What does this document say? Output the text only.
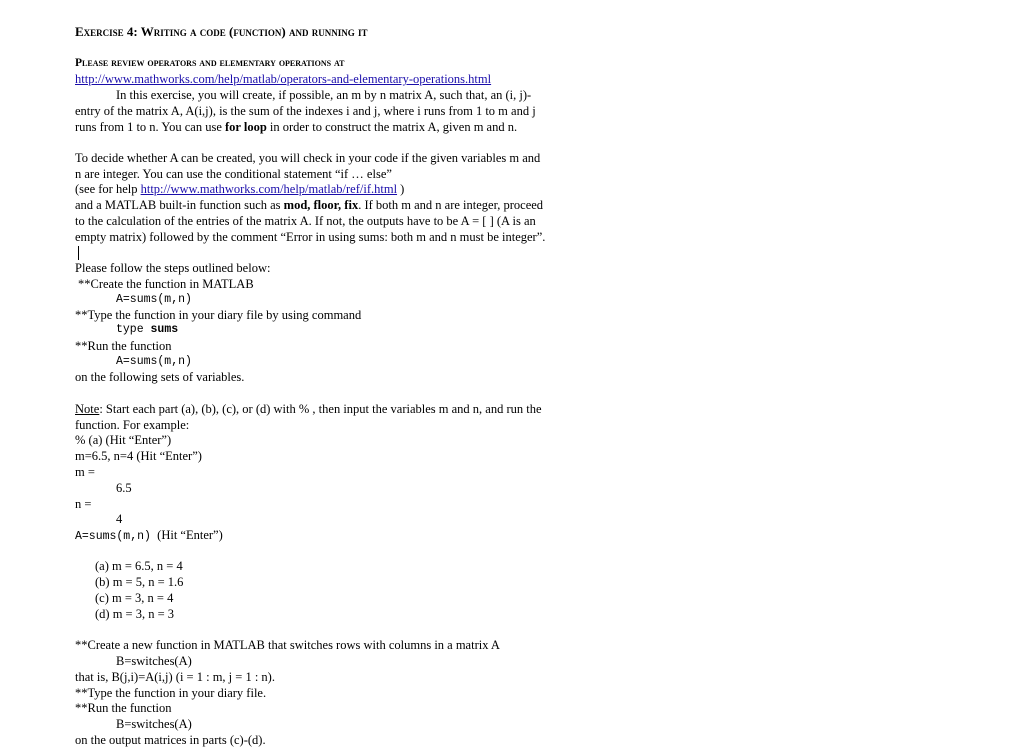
Exercise 4: Writing a code (function) and running it
Please review operators and elementary operations at
http://www.mathworks.com/help/matlab/operators-and-elementary-operations.html
In this exercise, you will create, if possible, an m by n matrix A, such that, an (i, j)-
entry of the matrix A, A(i,j), is the sum of the indexes i and j, where i runs from 1 to m and j
runs from 1 to n. You can use for loop in order to construct the matrix A, given m and n.
To decide whether A can be created, you will check in your code if the given variables m and
n are integer. You can use the conditional statement “if … else”
(see for help http://www.mathworks.com/help/matlab/ref/if.html )
and a MATLAB built-in function such as mod, floor, fix. If both m and n are integer, proceed
to the calculation of the entries of the matrix A. If not, the outputs have to be A = [ ] (A is an
empty matrix) followed by the comment “Error in using sums: both m and n must be integer”.
Please follow the steps outlined below:
**Create the function in MATLAB
A=sums(m,n)
**Type the function in your diary file by using command
type sums
**Run the function
A=sums(m,n)
on the following sets of variables.
Note: Start each part (a), (b), (c), or (d) with % , then input the variables m and n, and run the
function. For example:
% (a) (Hit “Enter”)
m=6.5, n=4 (Hit “Enter”)
m =
6.5
n =
4
A=sums(m,n) (Hit “Enter”)
(a) m = 6.5, n = 4
(b) m = 5, n = 1.6
(c) m = 3, n = 4
(d) m = 3, n = 3
**Create a new function in MATLAB that switches rows with columns in a matrix A
B=switches(A)
that is, B(j,i)=A(i,j) (i = 1 : m, j = 1 : n).
**Type the function in your diary file.
**Run the function
B=switches(A)
on the output matrices in parts (c)-(d).
